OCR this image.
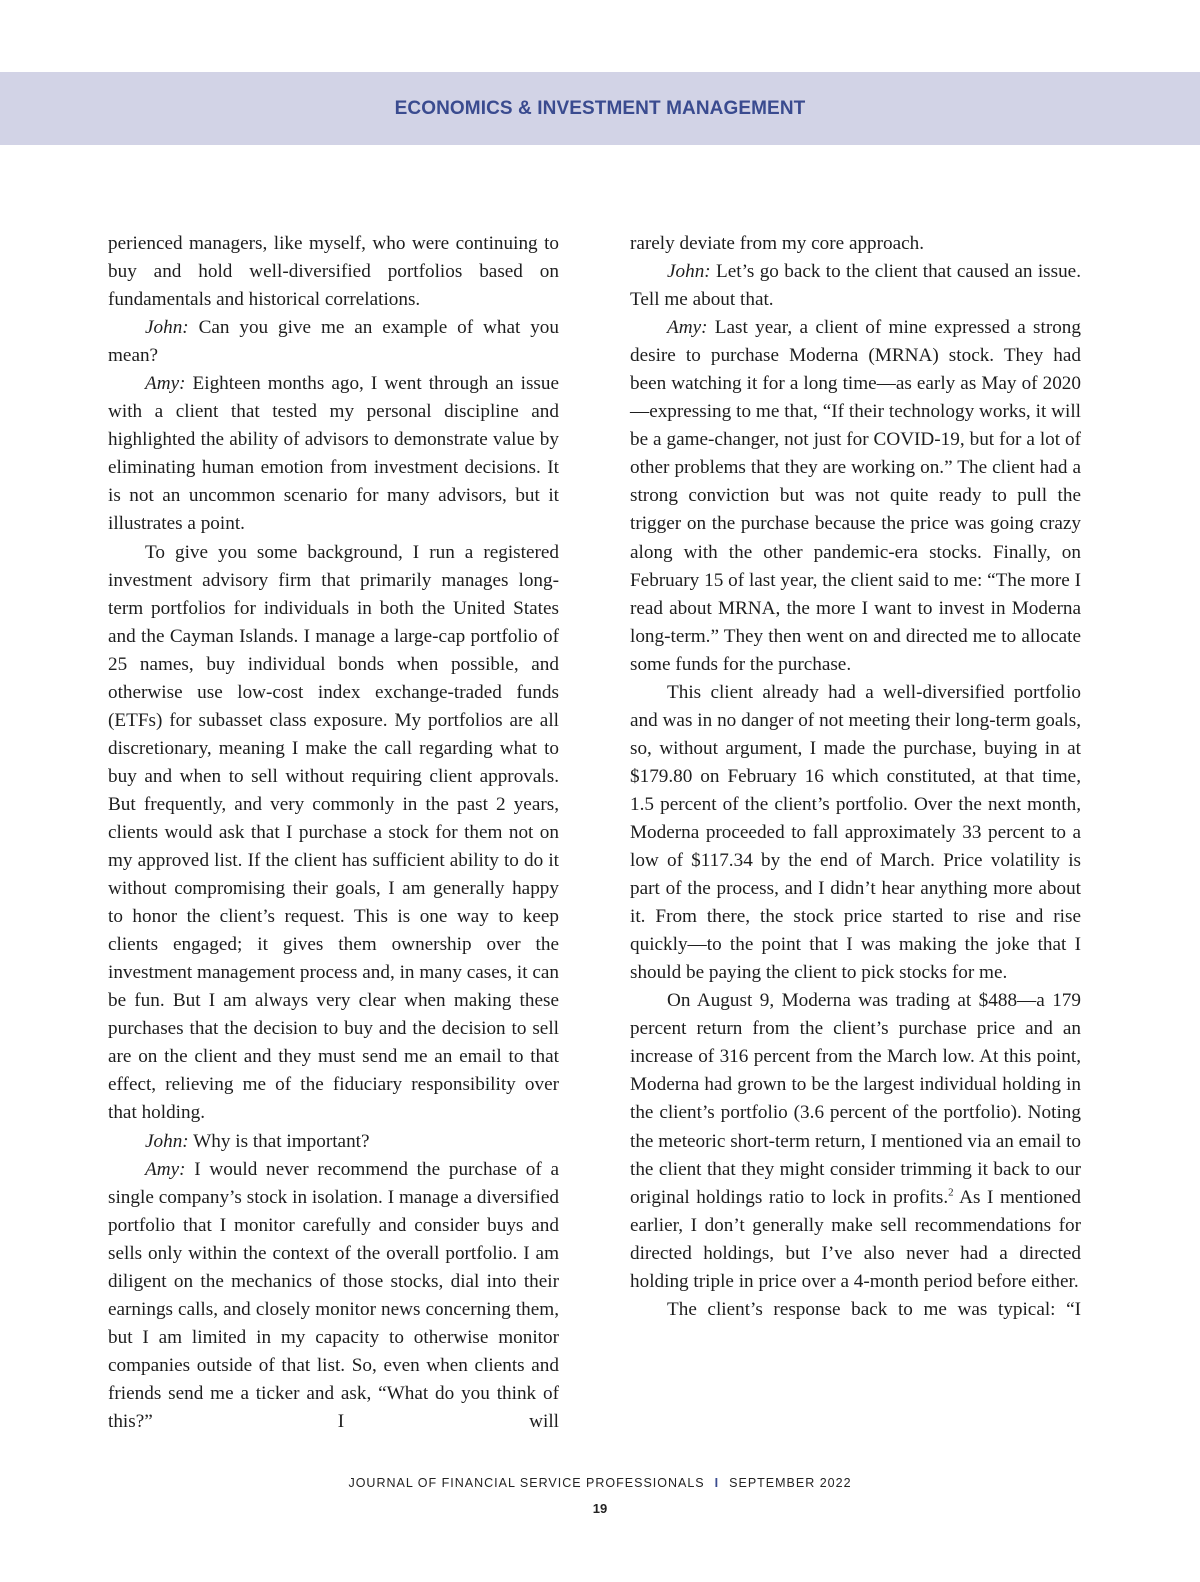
ECONOMICS & INVESTMENT MANAGEMENT

perienced managers, like myself, who were continuing to buy and hold well-diversified portfolios based on fundamentals and historical correlations.

John: Can you give me an example of what you mean?

Amy: Eighteen months ago, I went through an issue with a client that tested my personal discipline and highlighted the ability of advisors to demonstrate value by eliminating human emotion from investment decisions. It is not an uncommon scenario for many advisors, but it illustrates a point.

To give you some background, I run a registered investment advisory firm that primarily manages long-term portfolios for individuals in both the United States and the Cayman Islands. I manage a large-cap portfolio of 25 names, buy individual bonds when possible, and otherwise use low-cost index exchange-traded funds (ETFs) for subasset class exposure. My portfolios are all discretionary, meaning I make the call regarding what to buy and when to sell without requiring client approvals. But frequently, and very commonly in the past 2 years, clients would ask that I purchase a stock for them not on my approved list. If the client has sufficient ability to do it without compromising their goals, I am generally happy to honor the client’s request. This is one way to keep clients engaged; it gives them ownership over the investment management process and, in many cases, it can be fun. But I am always very clear when making these purchases that the decision to buy and the decision to sell are on the client and they must send me an email to that effect, relieving me of the fiduciary responsibility over that holding.

John: Why is that important?

Amy: I would never recommend the purchase of a single company’s stock in isolation. I manage a diversified portfolio that I monitor carefully and consider buys and sells only within the context of the overall portfolio. I am diligent on the mechanics of those stocks, dial into their earnings calls, and closely monitor news concerning them, but I am limited in my capacity to otherwise monitor companies outside of that list. So, even when clients and friends send me a ticker and ask, “What do you think of this?” I will

rarely deviate from my core approach.

John: Let’s go back to the client that caused an issue. Tell me about that.

Amy: Last year, a client of mine expressed a strong desire to purchase Moderna (MRNA) stock. They had been watching it for a long time—as early as May of 2020—expressing to me that, “If their technology works, it will be a game-changer, not just for COVID-19, but for a lot of other problems that they are working on.” The client had a strong conviction but was not quite ready to pull the trigger on the purchase because the price was going crazy along with the other pandemic-era stocks. Finally, on February 15 of last year, the client said to me: “The more I read about MRNA, the more I want to invest in Moderna long-term.” They then went on and directed me to allocate some funds for the purchase.

This client already had a well-diversified portfolio and was in no danger of not meeting their long-term goals, so, without argument, I made the purchase, buying in at $179.80 on February 16 which constituted, at that time, 1.5 percent of the client’s portfolio. Over the next month, Moderna proceeded to fall approximately 33 percent to a low of $117.34 by the end of March. Price volatility is part of the process, and I didn’t hear anything more about it. From there, the stock price started to rise and rise quickly—to the point that I was making the joke that I should be paying the client to pick stocks for me.

On August 9, Moderna was trading at $488—a 179 percent return from the client’s purchase price and an increase of 316 percent from the March low. At this point, Moderna had grown to be the largest individual holding in the client’s portfolio (3.6 percent of the portfolio). Noting the meteoric short-term return, I mentioned via an email to the client that they might consider trimming it back to our original holdings ratio to lock in profits.$^2$ As I mentioned earlier, I don’t generally make sell recommendations for directed holdings, but I’ve also never had a directed holding triple in price over a 4-month period before either.

The client’s response back to me was typical: “I

JOURNAL OF FINANCIAL SERVICE PROFESSIONALS I SEPTEMBER 2022
19
